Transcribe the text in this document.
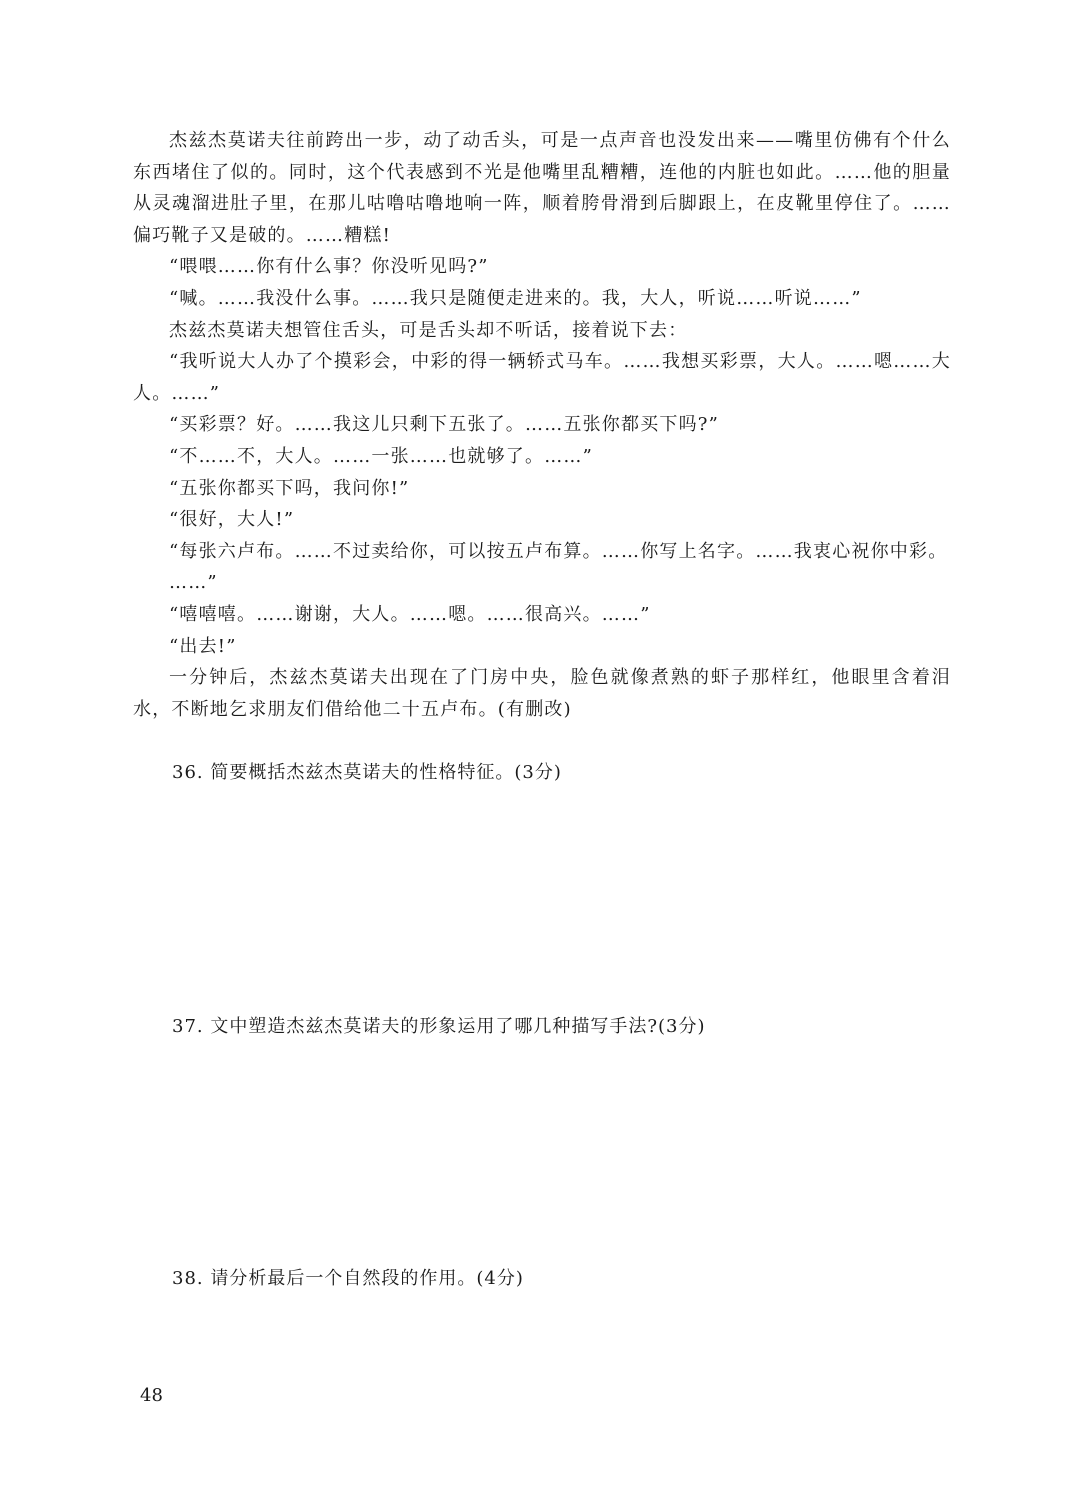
杰兹杰莫诺夫往前跨出一步，动了动舌头，可是一点声音也没发出来——嘴里仿佛有个什么东西堵住了似的。同时，这个代表感到不光是他嘴里乱糟糟，连他的内脏也如此。……他的胆量从灵魂溜进肚子里，在那儿咕噜咕噜地响一阵，顺着胯骨滑到后脚跟上，在皮靴里停住了。……偏巧靴子又是破的。……糟糕!

“喂喂……你有什么事？你没听见吗?”

“喊。……我没什么事。……我只是随便走进来的。我，大人，听说……听说……”

杰兹杰莫诺夫想管住舌头，可是舌头却不听话，接着说下去：

“我听说大人办了个摸彩会，中彩的得一辆轿式马车。……我想买彩票，大人。……嗯……大人。……”

“买彩票？好。……我这儿只剩下五张了。……五张你都买下吗?”

“不……不，大人。……一张……也就够了。……”

“五张你都买下吗，我问你!”

“很好，大人!”

“每张六卢布。……不过卖给你，可以按五卢布算。……你写上名字。……我衷心祝你中彩。

……”

“嘻嘻嘻。……谢谢，大人。……嗯。……很高兴。……”

“出去!”

一分钟后，杰兹杰莫诺夫出现在了门房中央，脸色就像煮熟的虾子那样红，他眼里含着泪水，不断地乞求朋友们借给他二十五卢布。(有删改)

36. 简要概括杰兹杰莫诺夫的性格特征。(3分)
37. 文中塑造杰兹杰莫诺夫的形象运用了哪几种描写手法?(3分)
38. 请分析最后一个自然段的作用。(4分)
48
